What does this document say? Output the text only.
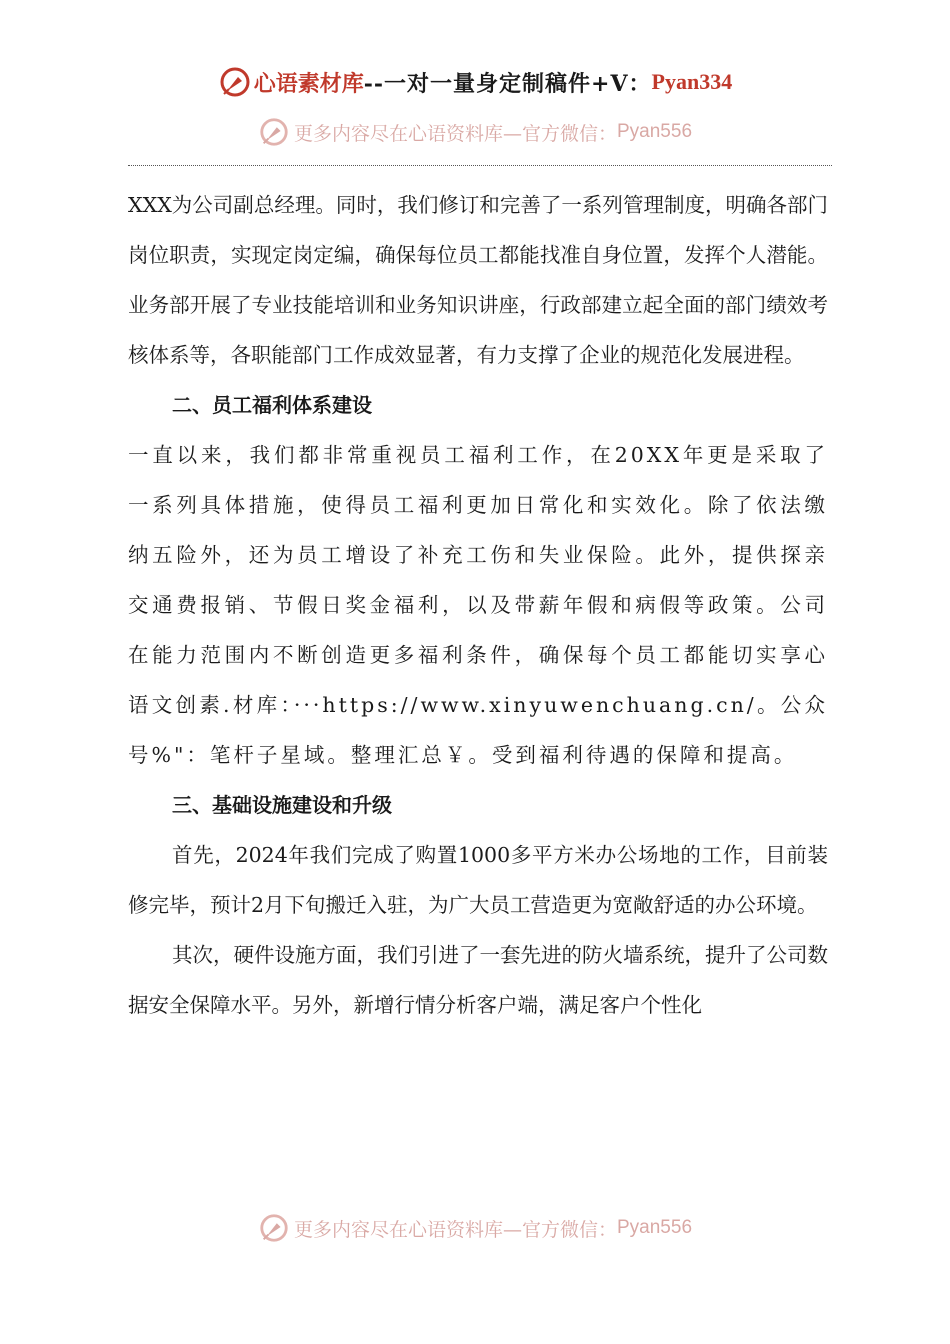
心语素材库 --一对一量身定制稿件+V： Pyan334
更多内容尽在心语资料库—官方微信： Pyan556

XXX为公司副总经理。同时，我们修订和完善了一系列管理制度，明确各部门岗位职责，实现定岗定编，确保每位员工都能找准自身位置，发挥个人潜能。业务部开展了专业技能培训和业务知识讲座，行政部建立起全面的部门绩效考核体系等，各职能部门工作成效显著，有力支撑了企业的规范化发展进程。

二、员工福利体系建设

一直以来，我们都非常重视员工福利工作，在20XX年更是采取了一系列具体措施，使得员工福利更加日常化和实效化。除了依法缴纳五险外，还为员工增设了补充工伤和失业保险。此外，提供探亲交通费报销、节假日奖金福利，以及带薪年假和病假等政策。公司在能力范围内不断创造更多福利条件，确保每个员工都能切实享心语文创素.材库：···https://www.xinyuwenchuang.cn/。公众号%"：笔杆子星域。整理汇总￥。受到福利待遇的保障和提高。

三、基础设施建设和升级

首先，2024年我们完成了购置1000多平方米办公场地的工作，目前装修完毕，预计2月下旬搬迁入驻，为广大员工营造更为宽敞舒适的办公环境。

其次，硬件设施方面，我们引进了一套先进的防火墙系统，提升了公司数据安全保障水平。另外，新增行情分析客户端，满足客户个性化

更多内容尽在心语资料库—官方微信： Pyan556
